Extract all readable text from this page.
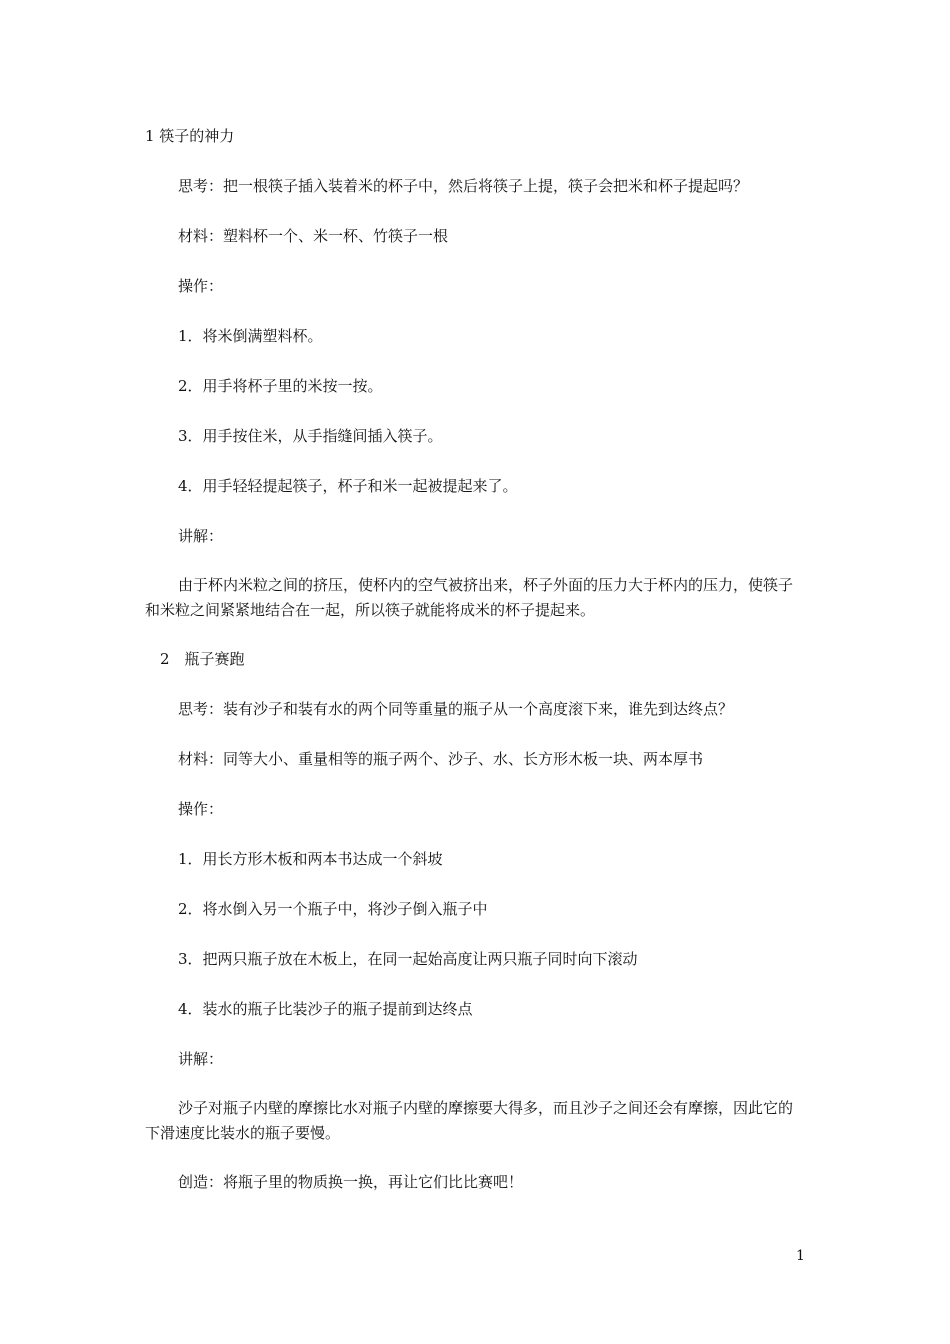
1 筷子的神力
思考：把一根筷子插入装着米的杯子中，然后将筷子上提，筷子会把米和杯子提起吗？
材料：塑料杯一个、米一杯、竹筷子一根
操作：
1．将米倒满塑料杯。
2．用手将杯子里的米按一按。
3．用手按住米，从手指缝间插入筷子。
4．用手轻轻提起筷子，杯子和米一起被提起来了。
讲解：
由于杯内米粒之间的挤压，使杯内的空气被挤出来，杯子外面的压力大于杯内的压力，使筷子和米粒之间紧紧地结合在一起，所以筷子就能将成米的杯子提起来。
2　瓶子赛跑
思考：装有沙子和装有水的两个同等重量的瓶子从一个高度滚下来，谁先到达终点？
材料：同等大小、重量相等的瓶子两个、沙子、水、长方形木板一块、两本厚书
操作：
1．用长方形木板和两本书达成一个斜坡
2．将水倒入另一个瓶子中，将沙子倒入瓶子中
3．把两只瓶子放在木板上，在同一起始高度让两只瓶子同时向下滚动
4．装水的瓶子比装沙子的瓶子提前到达终点
讲解：
沙子对瓶子内壁的摩擦比水对瓶子内壁的摩擦要大得多，而且沙子之间还会有摩擦，因此它的下滑速度比装水的瓶子要慢。
创造：将瓶子里的物质换一换，再让它们比比赛吧！
1
